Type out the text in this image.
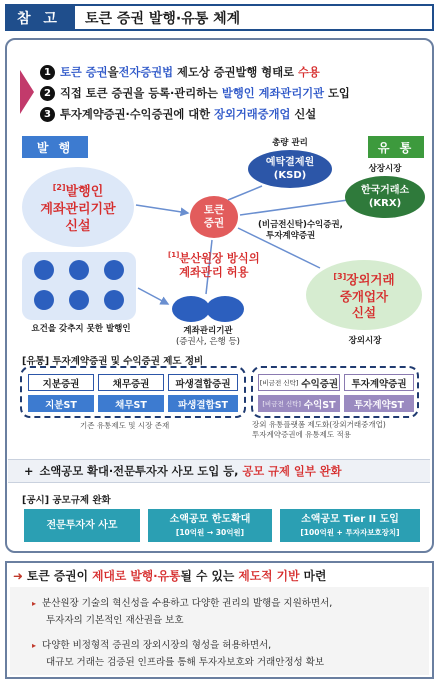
참 고	토큰 증권 발행·유통 체계
1 토큰 증권 을 전자증권법 제도상 증권발행 형태로 수용
2 직접 토큰 증권을 등록·관리하는 발행인 계좌관리기관 도입
3 투자계약증권·수익증권에 대한 장외거래중개업 신설
발 행	유 통
[2]발행인
계좌관리기관
신설
총량 관리
예탁결제원
(KSD)
상장시장
한국거래소
(KRX)
토큰
증권	(비금전신탁)수익증권,
투자계약증권
[1]분산원장 방식의
계좌관리 허용	[3]장외거래
중개업자
신설
장외시장
요건을 갖추지 못한 발행인	계좌관리기관
(증권사, 은행 등)
[유통] 투자계약증권 및 수익증권 제도 정비
지분증권
지분ST
채무증권
채무ST
파생결합증권
파생결합ST
기존 유통제도 및 시장 존재
[비금전 신탁] 수익증권
[비금전 신탁] 수익ST
투자계약증권
투자계약ST
장외 유통플랫폼 제도화(장외거래중개업)
투자계약증권에 유통제도 적용
+ 소액공모 확대·전문투자자 사모 도입 등, 공모 규제 일부 완화
[공시] 공모규제 완화
전문투자자 사모
소액공모 한도확대
[10억원 → 30억원]
소액공모 Tier II 도입
[100억원 + 투자자보호장치]
➜ 토큰 증권이 제대로 발행·유통될 수 있는 제도적 기반 마련
▸ 분산원장 기술의 혁신성을 수용하고 다양한 권리의 발행을 지원하면서,
투자자의 기본적인 재산권을 보호
▸ 다양한 비정형적 증권의 장외시장의 형성을 허용하면서,
대규모 거래는 검증된 인프라를 통해 투자자보호와 거래안정성 확보
